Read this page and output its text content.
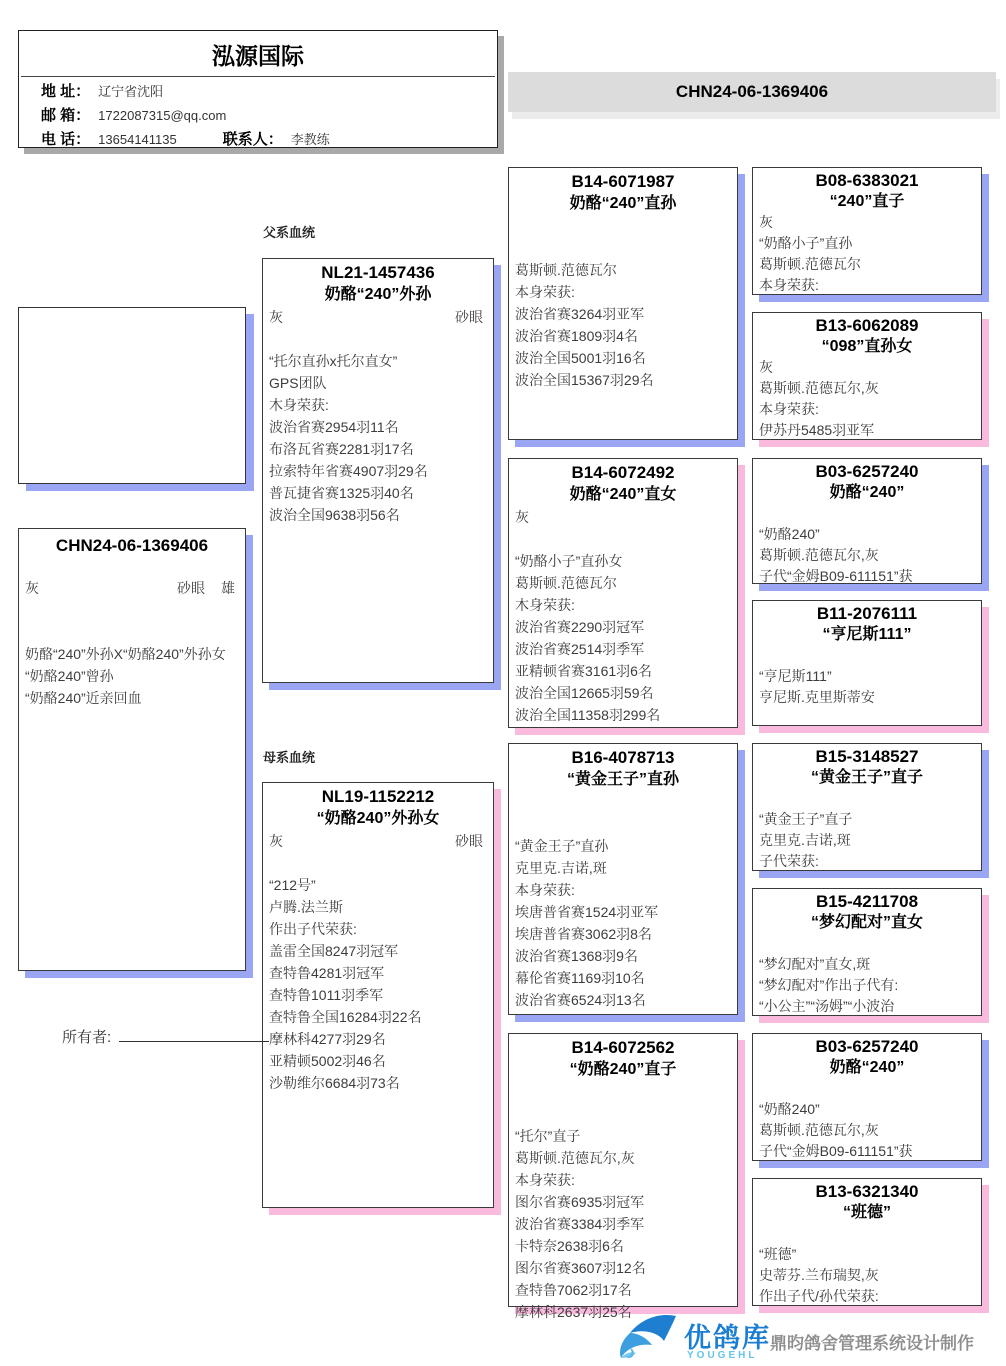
泓源国际
地 址： 辽宁省沈阳
邮 箱： 1722087315@qq.com
电 话： 13654141135	联系人： 李教练
CHN24-06-1369406
CHN24-06-1369406
灰	砂眼 雄
奶酪“240”外孙X“奶酪240”外孙女
“奶酪240”曾孙
“奶酪240”近亲回血
父系血统
母系血统
NL21-1457436
奶酪“240”外孙
灰	砂眼
“托尔直孙x托尔直女”
GPS团队
木身荣获:
波治省赛2954羽11名
布洛瓦省赛2281羽17名
拉索特年省赛4907羽29名
普瓦捷省赛1325羽40名
波治全国9638羽56名
NL19-1152212
“奶酪240”外孙女
灰	砂眼
“212号”
卢腾.法兰斯
作出子代荣获:
盖雷全国8247羽冠军
查特鲁4281羽冠军
查特鲁1011羽季军
查特鲁全国16284羽22名
摩林科4277羽29名
亚精顿5002羽46名
沙勒维尔6684羽73名
B14-6071987
奶酪“240”直孙
葛斯顿.范德瓦尔
本身荣获:
波治省赛3264羽亚军
波治省赛1809羽4名
波治全国5001羽16名
波治全国15367羽29名
B14-6072492
奶酪“240”直女
灰
“奶酪小子”直孙女
葛斯顿.范德瓦尔
木身荣获:
波治省赛2290羽冠军
波治省赛2514羽季军
亚精顿省赛3161羽6名
波治全国12665羽59名
波治全国11358羽299名
B16-4078713
“黄金王子”直孙
“黄金王子”直孙
克里克.吉诺,斑
本身荣获:
埃唐普省赛1524羽亚军
埃唐普省赛3062羽8名
波治省赛1368羽9名
幕伦省赛1169羽10名
波治省赛6524羽13名
B14-6072562
“奶酪240”直子
“托尔”直子
葛斯顿.范德瓦尔,灰
本身荣获:
图尔省赛6935羽冠军
波治省赛3384羽季军
卡特奈2638羽6名
图尔省赛3607羽12名
查特鲁7062羽17名
摩林科2637羽25名
B08-6383021
“240”直子
灰
“奶酪小子”直孙
葛斯顿.范德瓦尔
本身荣获:
B13-6062089
“098”直孙女
灰
葛斯顿.范德瓦尔,灰
本身荣获:
伊苏丹5485羽亚军
B03-6257240
奶酪“240”
“奶酪240”
葛斯顿.范德瓦尔,灰
子代“金姆B09-611151”获
B11-2076111
“亨尼斯111”
“亨尼斯111”
亨尼斯.克里斯蒂安
B15-3148527
“黄金王子”直子
“黄金王子”直子
克里克.吉诺,斑
子代荣获:
B15-4211708
“梦幻配对”直女
“梦幻配对”直女,斑
“梦幻配对”作出子代有:
“小公主”“汤姆”“小波治
B03-6257240
奶酪“240”
“奶酪240”
葛斯顿.范德瓦尔,灰
子代“金姆B09-611151”获
B13-6321340
“班德”
“班德”
史蒂芬.兰布瑞契,灰
作出子代/孙代荣获:
所有者:
优鸽库
YOUGEHL
鼎昀鸽舍管理系统设计制作
